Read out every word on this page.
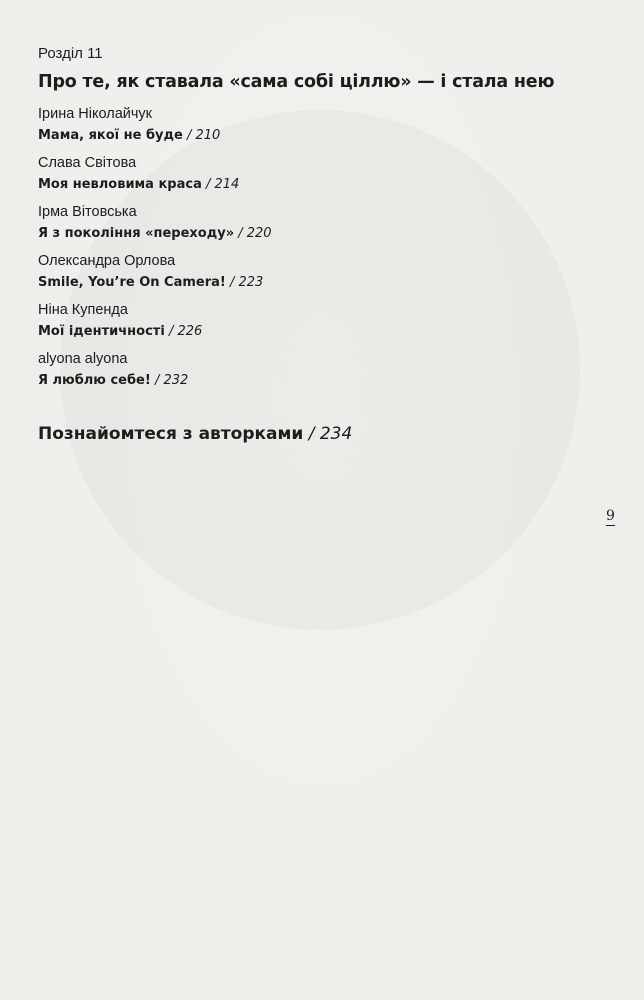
Розділ 11

Про те, як ставала «сама собі ціллю» — і стала нею

Ірина Ніколайчук

Мама, якої не буде / 210

Слава Світова

Моя невловима краса / 214

Ірма Вітовська

Я з покоління «переходу» / 220

Олександра Орлова

Smile, You’re On Camera! / 223

Ніна Купенда

Мої ідентичності / 226

alyona alyona

Я люблю себе! / 232

Познайомтеся з авторками / 234

9
